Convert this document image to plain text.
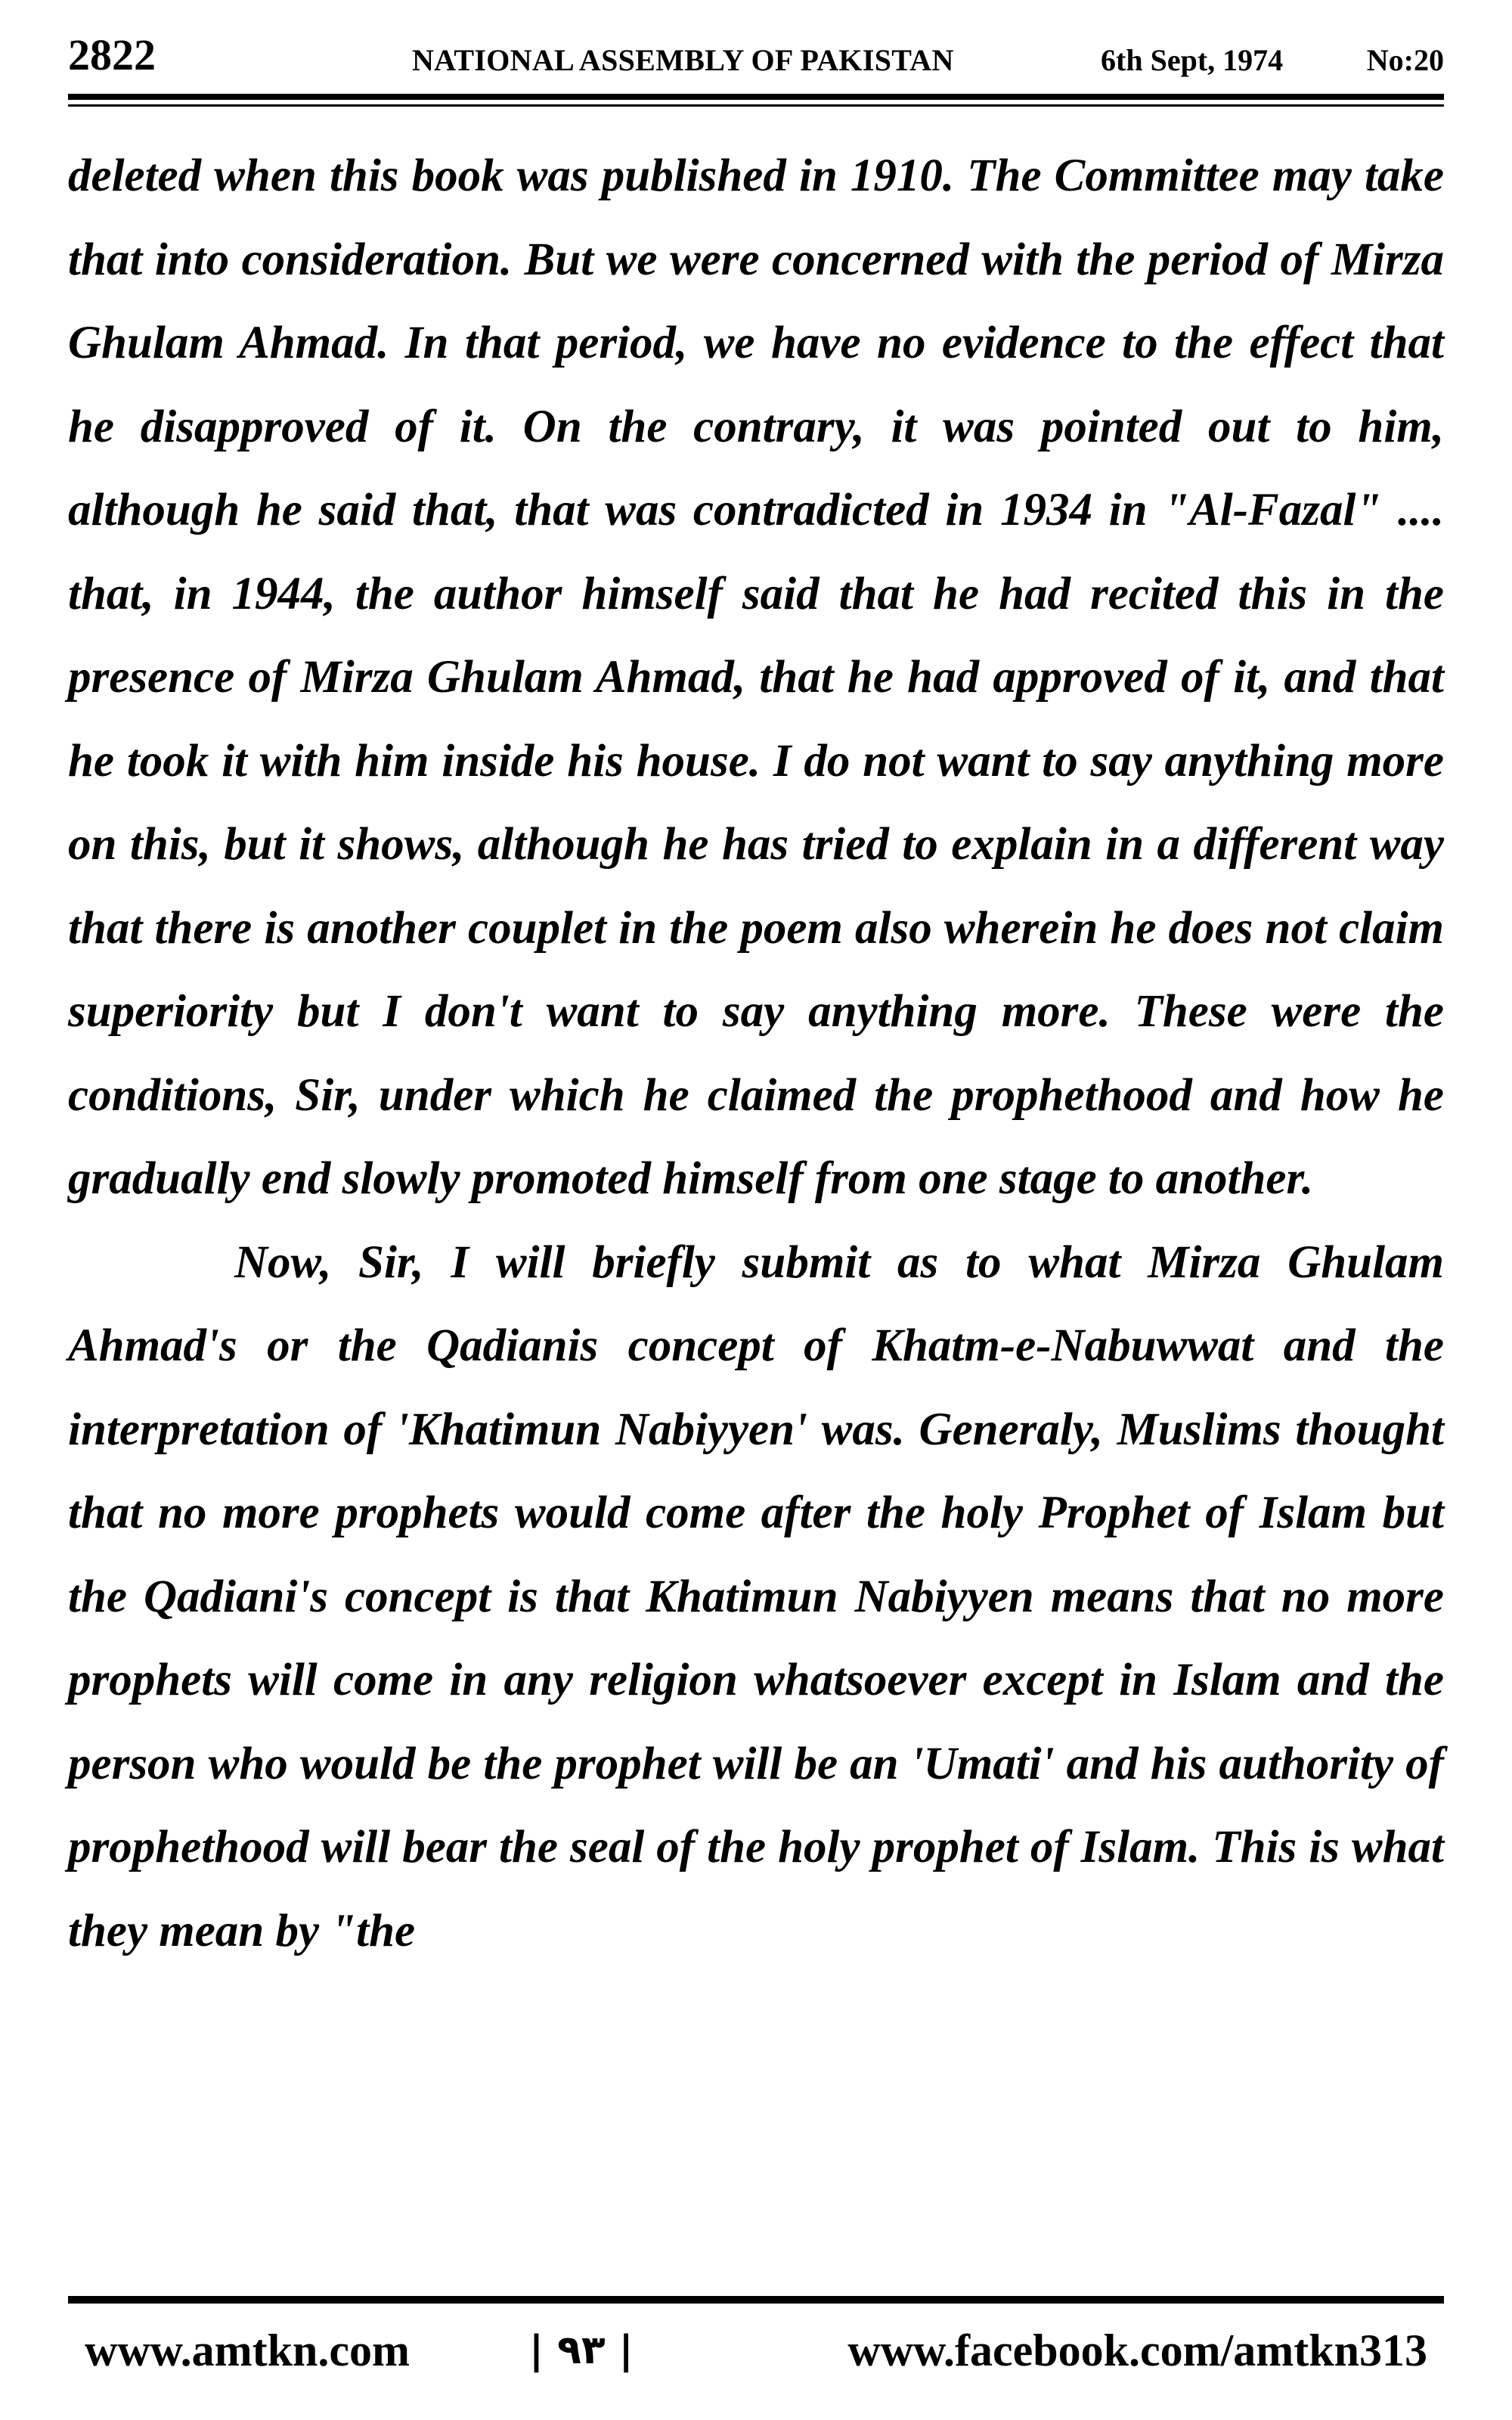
2822	NATIONAL ASSEMBLY OF PAKISTAN	6th Sept, 1974	No:20

deleted when this book was published in 1910. The Committee may take that into consideration. But we were concerned with the period of Mirza Ghulam Ahmad. In that period, we have no evidence to the effect that he disapproved of it. On the contrary, it was pointed out to him, although he said that, that was contradicted in 1934 in "Al-Fazal" .... that, in 1944, the author himself said that he had recited this in the presence of Mirza Ghulam Ahmad, that he had approved of it, and that he took it with him inside his house. I do not want to say anything more on this, but it shows, although he has tried to explain in a different way that there is another couplet in the poem also wherein he does not claim superiority but I don't want to say anything more. These were the conditions, Sir, under which he claimed the prophethood and how he gradually end slowly promoted himself from one stage to another.

Now, Sir, I will briefly submit as to what Mirza Ghulam Ahmad's or the Qadianis concept of Khatm-e-Nabuwwat and the interpretation of 'Khatimun Nabiyyen' was. Generaly, Muslims thought that no more prophets would come after the holy Prophet of Islam but the Qadiani's concept is that Khatimun Nabiyyen means that no more prophets will come in any religion whatsoever except in Islam and the person who would be the prophet will be an 'Umati' and his authority of prophethood will bear the seal of the holy prophet of Islam. This is what they mean by "the

www.amtkn.com	| ۹۳ |	www.facebook.com/amtkn313
